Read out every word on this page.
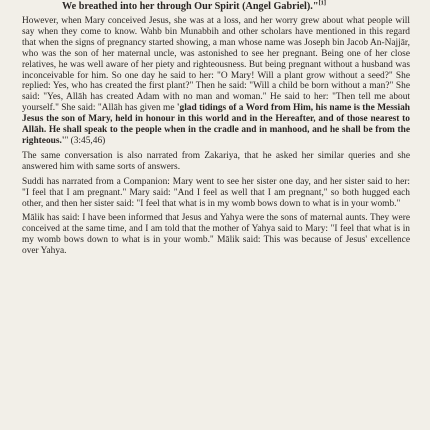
We breathed into her through Our Spirit (Angel Gabriel)."[1]

However, when Mary conceived Jesus, she was at a loss, and her worry grew about what people will say when they come to know. Wahb bin Munabbih and other scholars have mentioned in this regard that when the signs of pregnancy started showing, a man whose name was Joseph bin Jacob An-Najjār, who was the son of her maternal uncle, was astonished to see her pregnant. Being one of her close relatives, he was well aware of her piety and righteousness. But being pregnant without a husband was inconceivable for him. So one day he said to her: "O Mary! Will a plant grow without a seed?" She replied: Yes, who has created the first plant?" Then he said: "Will a child be born without a man?" She said: "Yes, Allāh has created Adam with no man and woman." He said to her: "Then tell me about yourself." She said: "Allāh has given me 'glad tidings of a Word from Him, his name is the Messiah Jesus the son of Mary, held in honour in this world and in the Hereafter, and of those nearest to Allāh. He shall speak to the people when in the cradle and in manhood, and he shall be from the righteous.'" (3:45,46)

The same conversation is also narrated from Zakariya, that he asked her similar queries and she answered him with same sorts of answers.

Suddi has narrated from a Companion: Mary went to see her sister one day, and her sister said to her: "I feel that I am pregnant." Mary said: "And I feel as well that I am pregnant," so both hugged each other, and then her sister said: "I feel that what is in my womb bows down to what is in your womb."

Mālik has said: I have been informed that Jesus and Yahya were the sons of maternal aunts. They were conceived at the same time, and I am told that the mother of Yahya said to Mary: "I feel that what is in my womb bows down to what is in your womb." Mālik said: This was because of Jesus' excellence over Yahya.
